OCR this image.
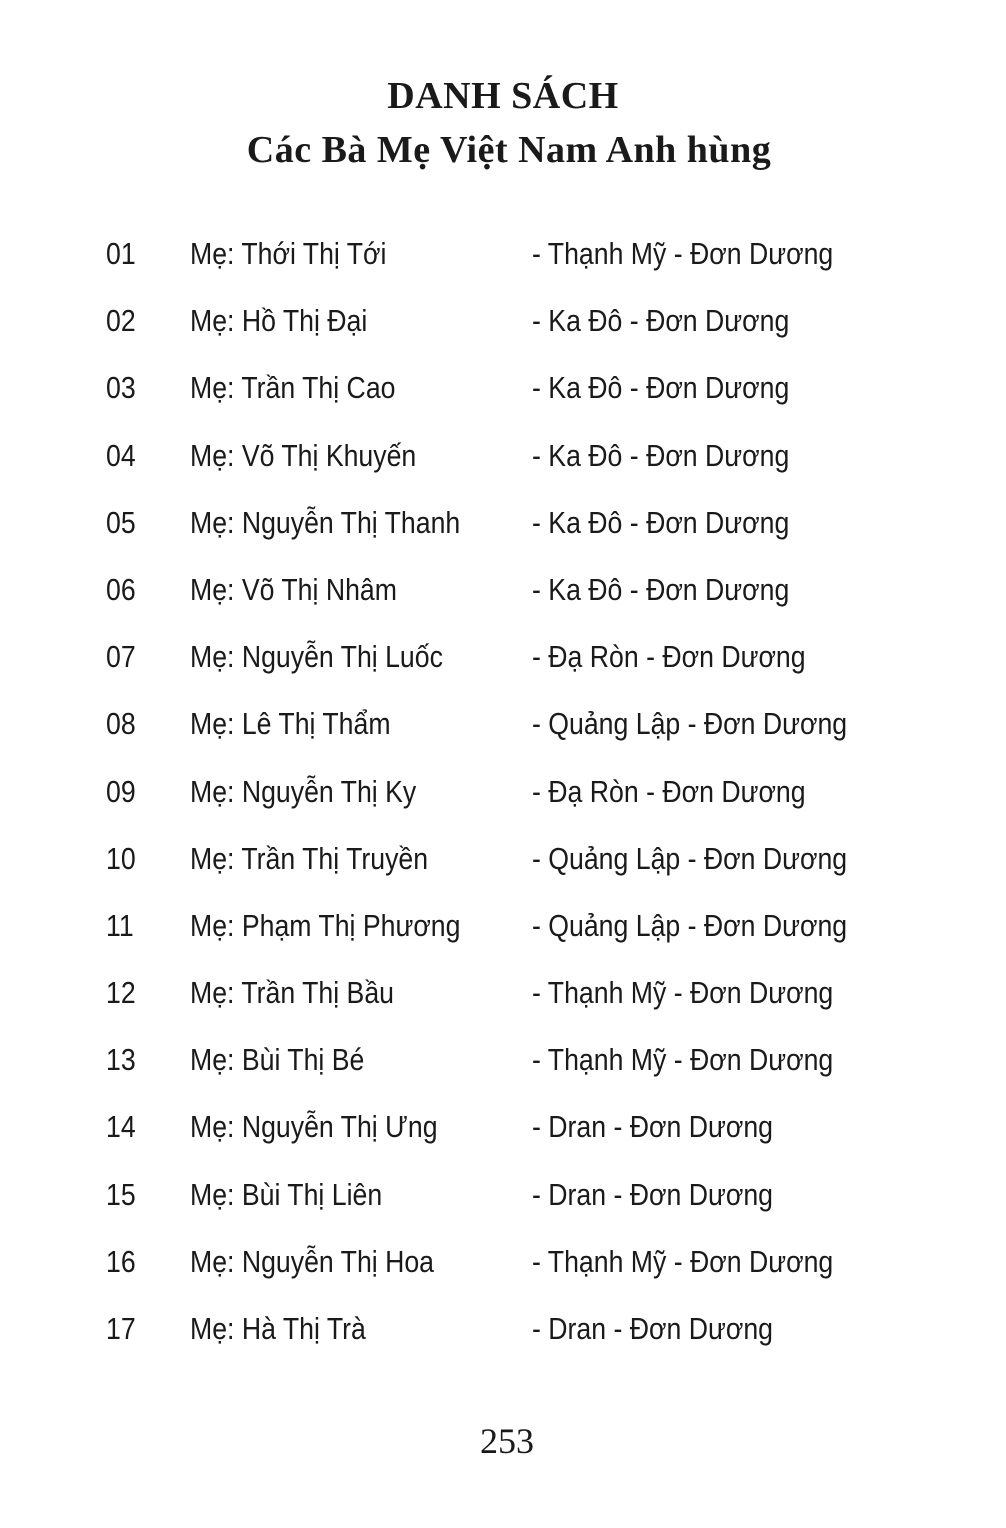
DANH SÁCH
Các Bà Mẹ Việt Nam Anh hùng
01 Mẹ: Thới Thị Tới	- Thạnh Mỹ - Đơn Dương
02 Mẹ: Hồ Thị Đại	- Ka Đô - Đơn Dương
03 Mẹ: Trần Thị Cao	- Ka Đô - Đơn Dương
04 Mẹ: Võ Thị Khuyến	- Ka Đô - Đơn Dương
05 Mẹ: Nguyễn Thị Thanh - Ka Đô - Đơn Dương
06 Mẹ: Võ Thị Nhâm	- Ka Đô - Đơn Dương
07 Mẹ: Nguyễn Thị Luốc	- Đạ Ròn - Đơn Dương
08 Mẹ: Lê Thị Thẩm	- Quảng Lập - Đơn Dương
09 Mẹ: Nguyễn Thị Ky	- Đạ Ròn - Đơn Dương
10 Mẹ: Trần Thị Truyền	- Quảng Lập - Đơn Dương
11 Mẹ: Phạm Thị Phương - Quảng Lập - Đơn Dương
12 Mẹ: Trần Thị Bầu	- Thạnh Mỹ - Đơn Dương
13 Mẹ: Bùi Thị Bé	- Thạnh Mỹ - Đơn Dương
14 Mẹ: Nguyễn Thị Ưng	- Dran - Đơn Dương
15 Mẹ: Bùi Thị Liên	- Dran - Đơn Dương
16 Mẹ: Nguyễn Thị Hoa	- Thạnh Mỹ - Đơn Dương
17 Mẹ: Hà Thị Trà	- Dran - Đơn Dương
253
